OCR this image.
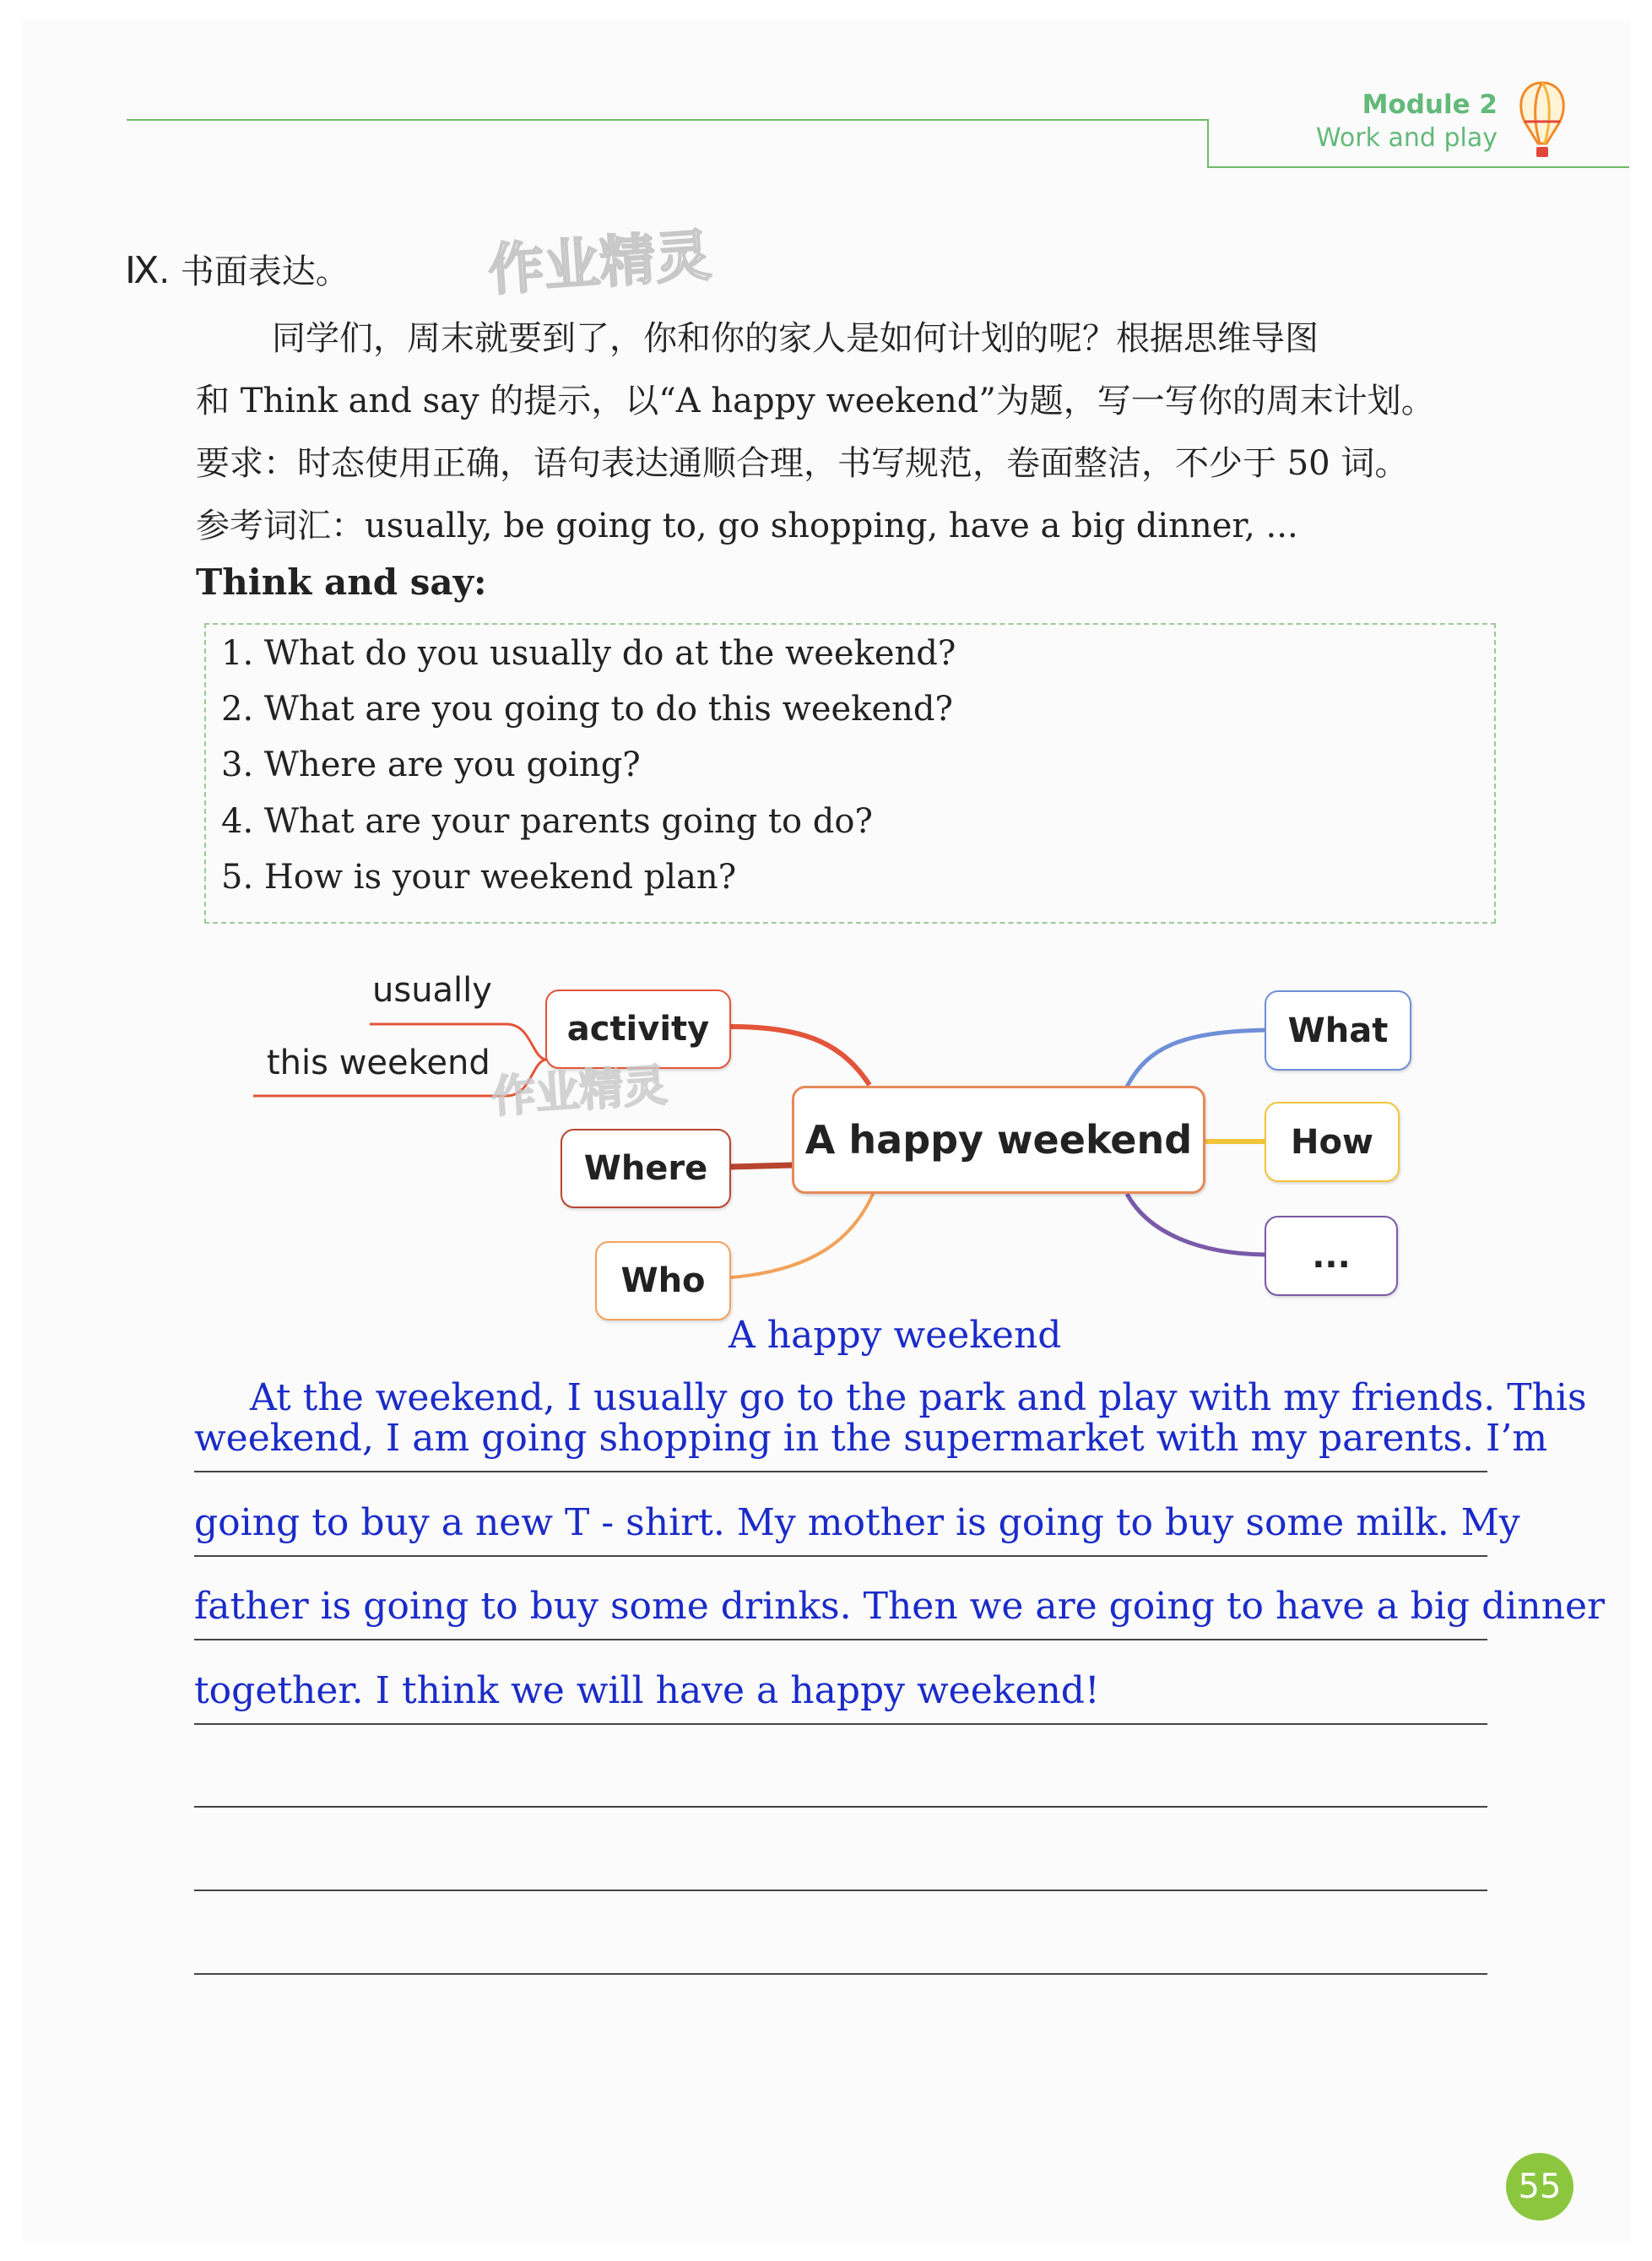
Module 2
Work and play
Ⅸ. 书面表达。 作业精灵

同学们，周末就要到了，你和你的家人是如何计划的呢？根据思维导图

和 Think and say 的提示，以“A happy weekend”为题，写一写你的周末计划。

要求：时态使用正确，语句表达通顺合理，书写规范，卷面整洁，不少于 50 词。

参考词汇：usually, be going to, go shopping, have a big dinner, ...

Think and say:
1. What do you usually do at the weekend?
2. What are you going to do this weekend?
3. Where are you going?
4. What are your parents going to do?
5. How is your weekend plan?
usually
this weekend
activity
Where
Who
A happy weekend
What
How
...
作业精灵
A happy weekend
At the weekend, I usually go to the park and play with my friends. This
weekend, I am going shopping in the supermarket with my parents. I’m
going to buy a new T - shirt. My mother is going to buy some milk. My
father is going to buy some drinks. Then we are going to have a big dinner
together. I think we will have a happy weekend!
55
